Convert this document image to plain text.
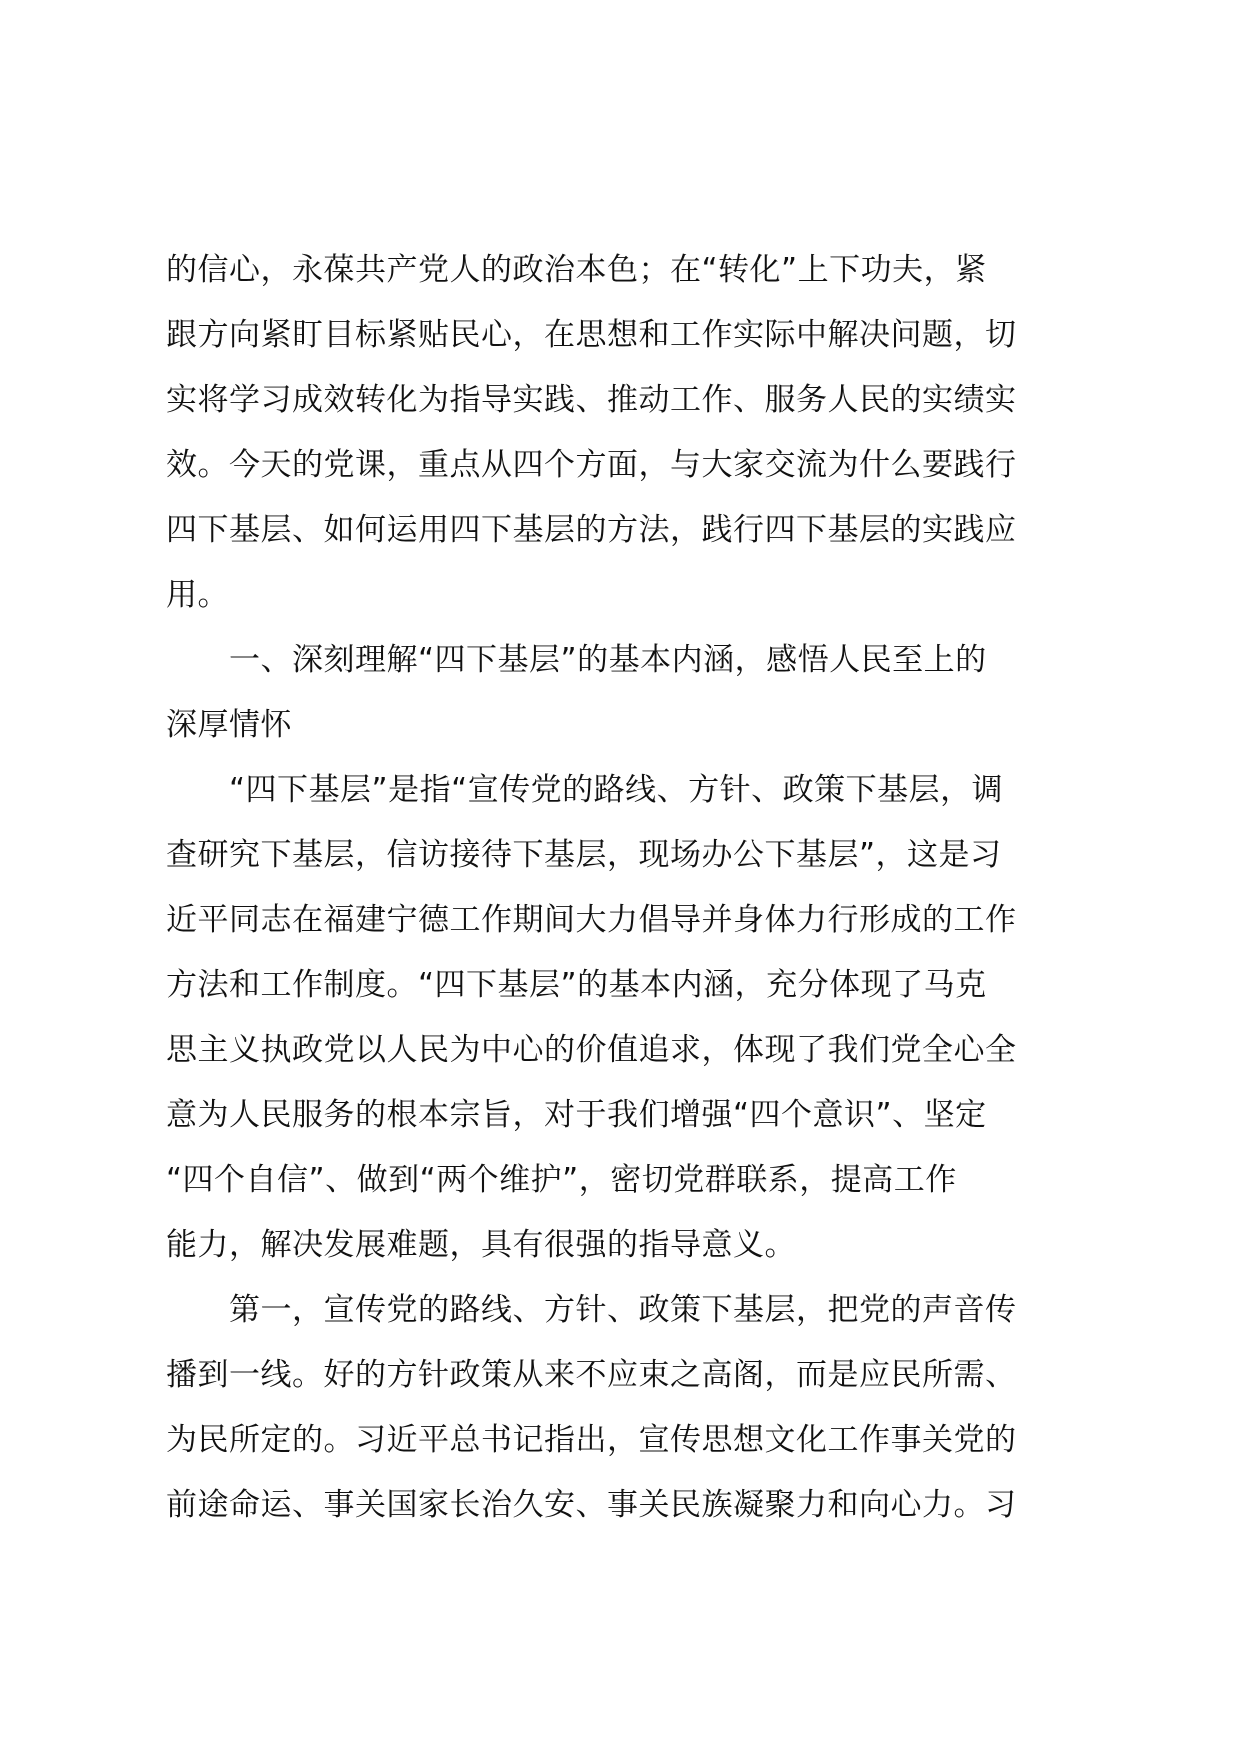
的信心，永葆共产党人的政治本色；在“转化”上下功夫，紧
跟方向紧盯目标紧贴民心，在思想和工作实际中解决问题，切
实将学习成效转化为指导实践、推动工作、服务人民的实绩实
效。今天的党课，重点从四个方面，与大家交流为什么要践行
四下基层、如何运用四下基层的方法，践行四下基层的实践应
用。
　　一、深刻理解“四下基层”的基本内涵，感悟人民至上的
深厚情怀
　　“四下基层”是指“宣传党的路线、方针、政策下基层，调
查研究下基层，信访接待下基层，现场办公下基层”，这是习
近平同志在福建宁德工作期间大力倡导并身体力行形成的工作
方法和工作制度。“四下基层”的基本内涵，充分体现了马克
思主义执政党以人民为中心的价值追求，体现了我们党全心全
意为人民服务的根本宗旨，对于我们增强“四个意识”、坚定
“四个自信”、做到“两个维护”，密切党群联系，提高工作
能力，解决发展难题，具有很强的指导意义。
　　第一，宣传党的路线、方针、政策下基层，把党的声音传
播到一线。好的方针政策从来不应束之高阁，而是应民所需、
为民所定的。习近平总书记指出，宣传思想文化工作事关党的
前途命运、事关国家长治久安、事关民族凝聚力和向心力。习
